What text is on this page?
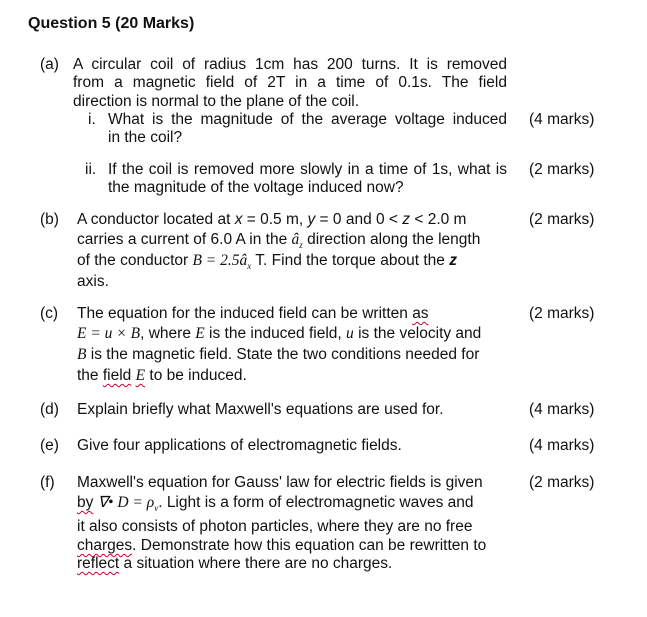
Question 5 (20 Marks)
(a) A circular coil of radius 1cm has 200 turns. It is removed
from a magnetic field of 2T in a time of 0.1s. The field
direction is normal to the plane of the coil.
i. What is the magnitude of the average voltage induced
in the coil?
(4 marks)
ii. If the coil is removed more slowly in a time of 1s, what is
the magnitude of the voltage induced now?
(2 marks)
(b) A conductor located at x = 0.5 m, y = 0 and 0 < z < 2.0 m
carries a current of 6.0 A in the $â_z$ direction along the length
of the conductor $B = 2.5â_x$ T. Find the torque about the z
axis.
(2 marks)
(c) The equation for the induced field can be written as
E = u × B, where E is the induced field, u is the velocity and
B is the magnetic field. State the two conditions needed for
the field E to be induced.
(2 marks)
(d) Explain briefly what Maxwell's equations are used for.	(4 marks)
(e) Give four applications of electromagnetic fields.	(4 marks)
(f) Maxwell's equation for Gauss' law for electric fields is given
by ∇• $D = \rho_v$. Light is a form of electromagnetic waves and
it also consists of photon particles, where they are no free
charges. Demonstrate how this equation can be rewritten to
reflect a situation where there are no charges.
(2 marks)
